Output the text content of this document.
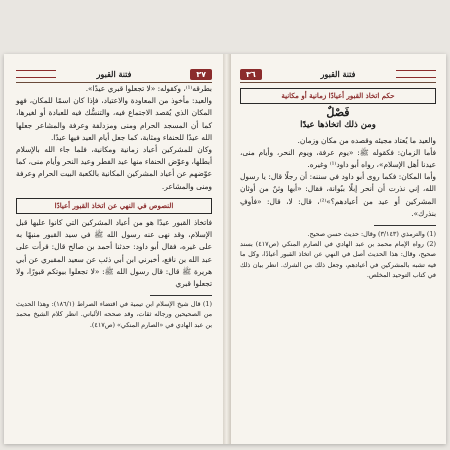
٣٧
فتنة القبور

بطرقه⁽¹⁾، وكقوله: «لا تجعلوا قبري عيدًا».

والعيد: مأخوذ من المعاودة والاعتياد، فإذا كان اسمًا للمكان، فهو المكان الذي يُقصد الاجتماع فيه، والتنسُّك فيه للعبادة أو لغيرها، كما أن المسجد الحرام ومنى ومزدلفة وعرفة والمشاعر جعلها الله عيدًا للحنفاء ومثابة، كما جعل أيام العيد فيها عيدًا.

وكان للمشركين أعياد زمانية ومكانية، فلما جاء الله بالإسلام أبطلها، وعوّض الحنفاء منها عيد الفطر وعيد النحر وأيام منى، كما عوّضهم عن أعياد المشركين المكانية بالكعبة البيت الحرام وعرفة ومنى والمشاعر.

النصوص في النهي عن اتخاذ القبور أعيادًا

فاتخاذ القبور عيدًا هو من أعياد المشركين التي كانوا عليها قبل الإسلام، وقد نهى عنه رسول الله ﷺ في سيد القبور منبهًا به على غيره، فقال أبو داود: حدثنا أحمد بن صالح قال: قرأت على عبد الله بن نافع، أخبرني ابن أبي ذئب عن سعيد المقبري عن أبي هريرة ﷺ قال: قال رسول الله ﷺ: «لا تجعلوا بيوتكم قبورًا، ولا تجعلوا قبري

(1) قال شيخ الإسلام ابن تيمية في اقتضاء الصراط (١٨٦/١): وهذا الحديث من الصحيحين ورجاله ثقات، وقد صححه الألباني. انظر كلام الشيخ محمد بن عبد الهادي في «الصارم المنكي» (ص٤١٧).

فتنة القبور
٣٦
حكم اتخاذ القبور أعيادًا زمانية أو مكانية
فَصْلٌ
ومن ذلك اتخاذها عيدًا

والعيد ما يُعتاد مجيئه وقصده من مكان وزمان.

فأما الزمان: فكقوله ﷺ: «يوم عرفة، ويوم النحر، وأيام منى، عيدنا أهل الإسلام»، رواه أبو داود⁽¹⁾ وغيره.

وأما المكان: فكما روى أبو داود في سننه: أن رجلًا قال: يا رسول الله، إني نذرت أن أنحر إبلًا ببُوانة، فقال: «أبها وثنٌ من أوثان المشركين أو عيد من أعيادهم؟»⁽²⁾، قال: لا، قال: «فأوفِ بنذرك».

(1) والترمذي (٣/١٤٣) وقال: حديث حسن صحيح.

(2) رواه الإمام محمد بن عبد الهادي في الصارم المنكي (ص٤١٧) بسند صحيح، وقال: هذا الحديث أصل في النهي عن اتخاذ القبور أعيادًا، وكل ما فيه تشبه بالمشركين في أعيادهم، وجعل ذلك من الشرك. انظر بيان ذلك في كتاب التوحيد المخلص.
